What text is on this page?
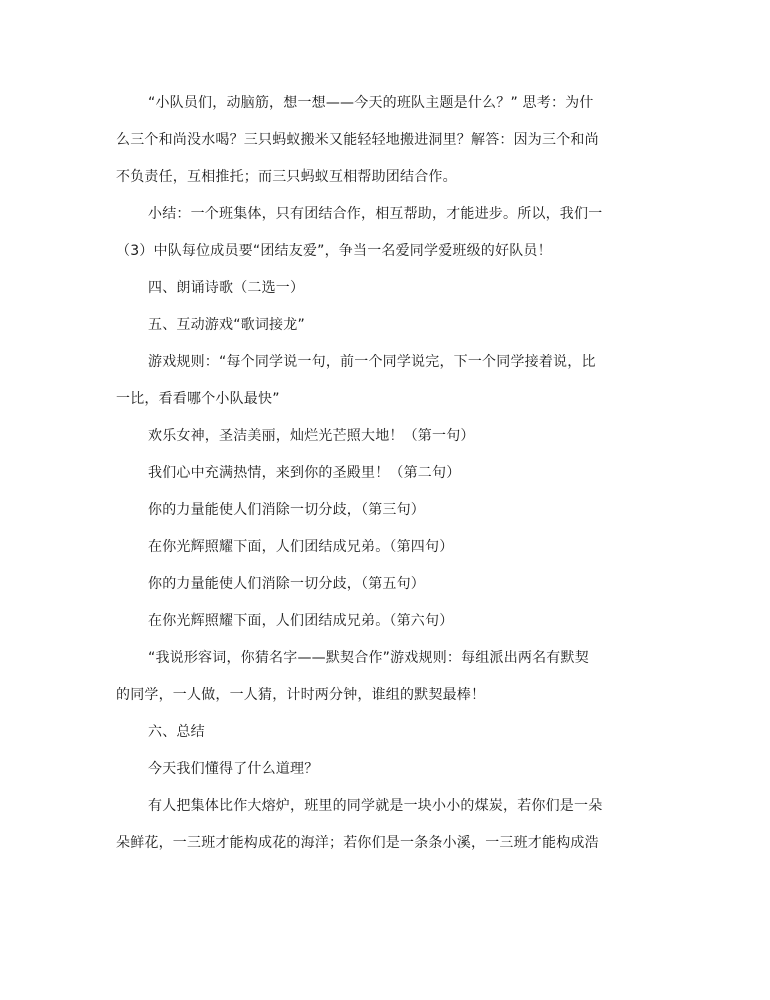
“小队员们，动脑筋，想一想——今天的班队主题是什么？” 思考：为什
么三个和尚没水喝？三只蚂蚁搬米又能轻轻地搬进洞里？解答：因为三个和尚
不负责任，互相推托；而三只蚂蚁互相帮助团结合作。
小结：一个班集体，只有团结合作，相互帮助，才能进步。所以，我们一
（3）中队每位成员要“团结友爱”，争当一名爱同学爱班级的好队员！
四、朗诵诗歌（二选一）
五、互动游戏“歌词接龙”
游戏规则：“每个同学说一句，前一个同学说完，下一个同学接着说，比
一比，看看哪个小队最快”
欢乐女神，圣洁美丽，灿烂光芒照大地！（第一句）
我们心中充满热情，来到你的圣殿里！（第二句）
你的力量能使人们消除一切分歧，（第三句）
在你光辉照耀下面，人们团结成兄弟。（第四句）
你的力量能使人们消除一切分歧，（第五句）
在你光辉照耀下面，人们团结成兄弟。（第六句）
“我说形容词，你猜名字——默契合作”游戏规则：每组派出两名有默契
的同学，一人做，一人猜，计时两分钟，谁组的默契最棒！
六、总结
今天我们懂得了什么道理？
有人把集体比作大熔炉，班里的同学就是一块小小的煤炭，若你们是一朵
朵鲜花，一三班才能构成花的海洋；若你们是一条条小溪，一三班才能构成浩
